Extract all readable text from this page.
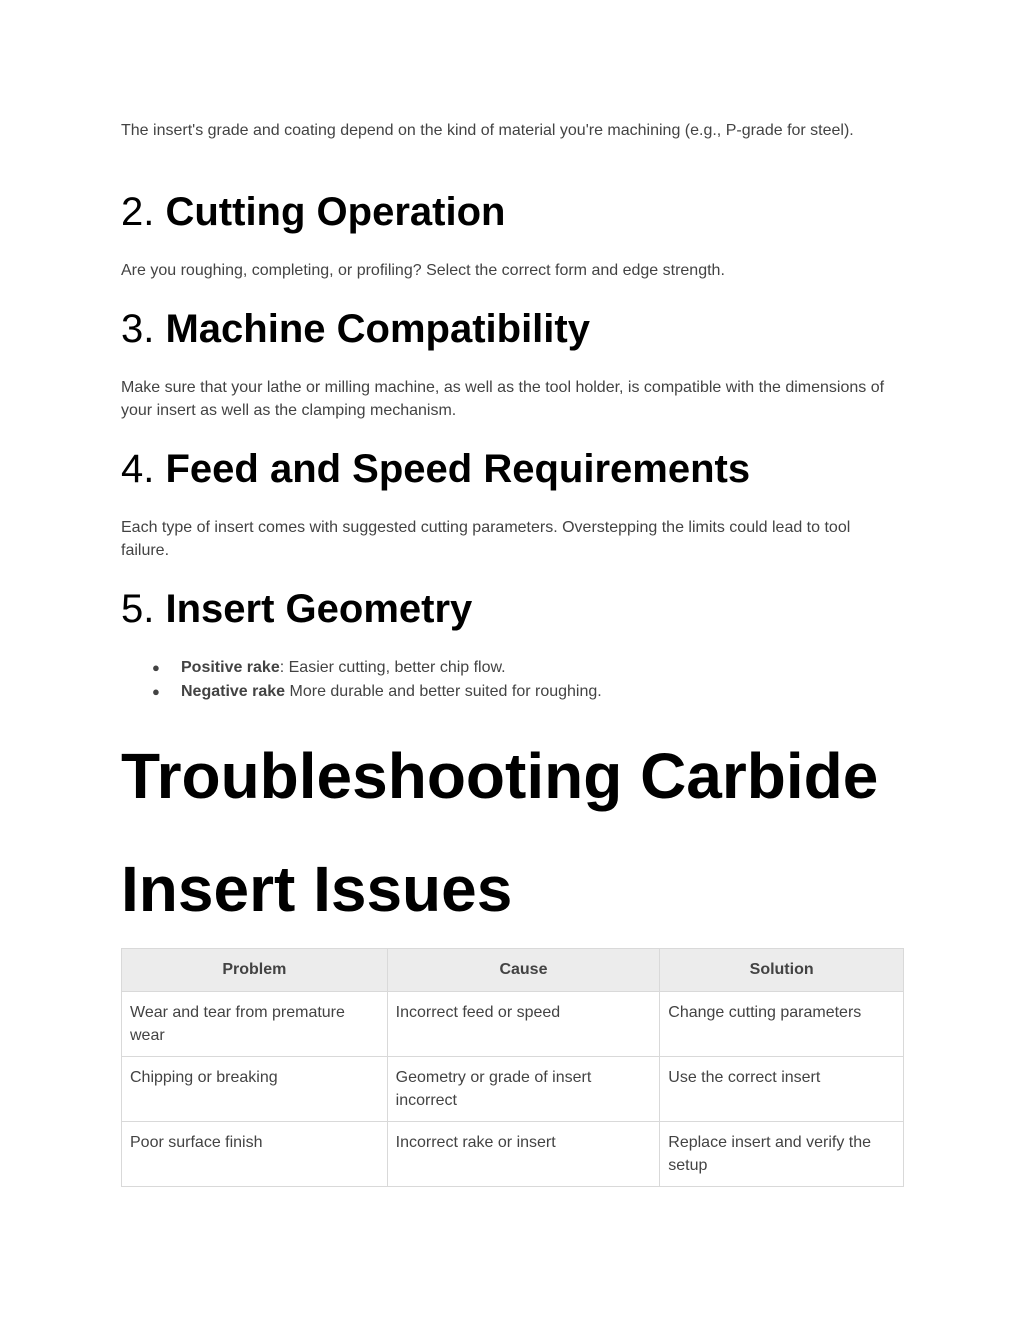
The insert's grade and coating depend on the kind of material you're machining (e.g., P-grade for steel).

2. Cutting Operation

Are you roughing, completing, or profiling? Select the correct form and edge strength.

3. Machine Compatibility

Make sure that your lathe or milling machine, as well as the tool holder, is compatible with the dimensions of your insert as well as the clamping mechanism.

4. Feed and Speed Requirements

Each type of insert comes with suggested cutting parameters. Overstepping the limits could lead to tool failure.

5. Insert Geometry
● Positive rake: Easier cutting, better chip flow.
● Negative rake More durable and better suited for roughing.
Troubleshooting Carbide Insert Issues
Problem	Cause	Solution
Wear and tear from premature wear	Incorrect feed or speed	Change cutting parameters
Chipping or breaking	Geometry or grade of insert incorrect	Use the correct insert
Poor surface finish	Incorrect rake or insert	Replace insert and verify the setup
